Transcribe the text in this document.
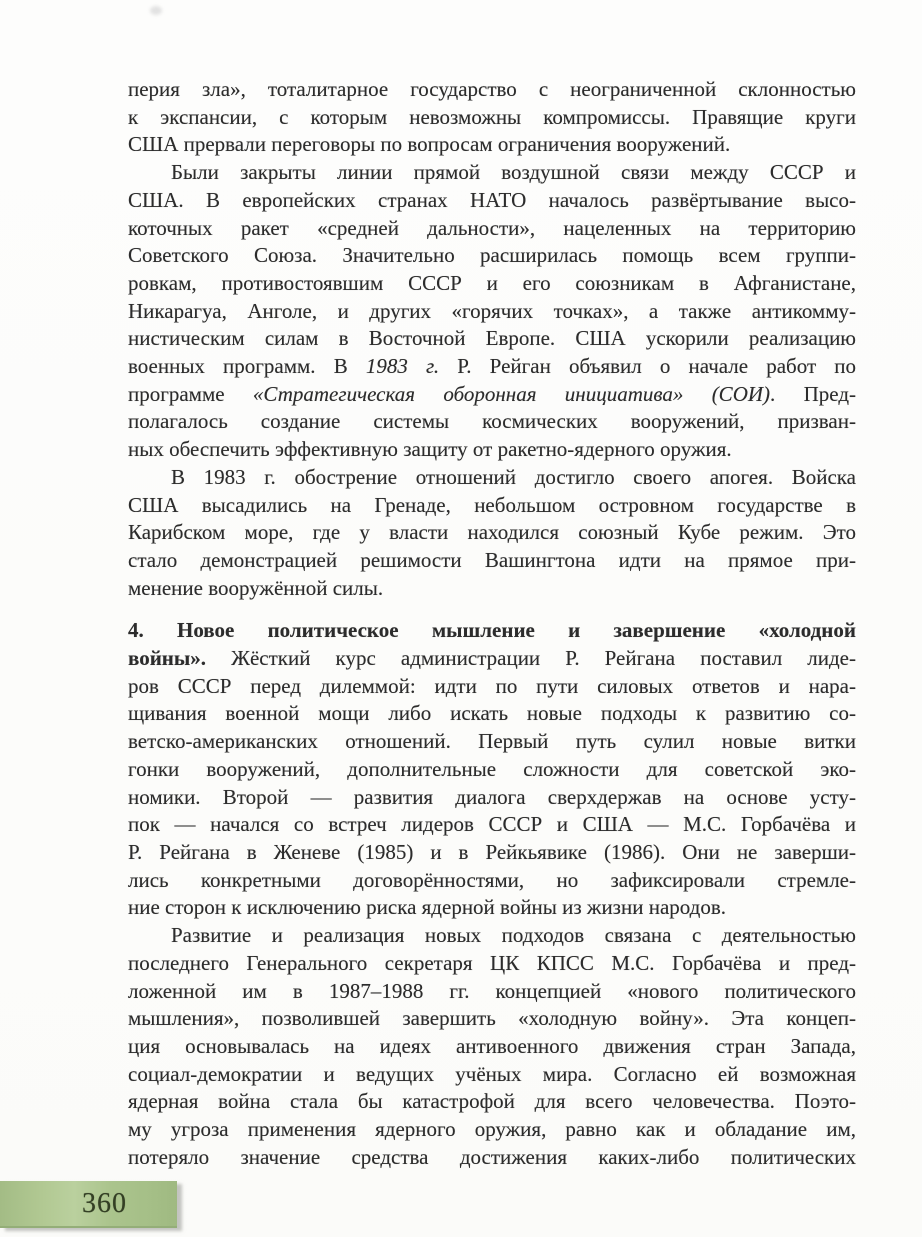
перия зла», тоталитарное государство с неограниченной склонностью
к экспансии, с которым невозможны компромиссы. Правящие круги
США прервали переговоры по вопросам ограничения вооружений.
Были закрыты линии прямой воздушной связи между СССР и
США. В европейских странах НАТО началось развёртывание высо-
коточных ракет «средней дальности», нацеленных на территорию
Советского Союза. Значительно расширилась помощь всем группи-
ровкам, противостоявшим СССР и его союзникам в Афганистане,
Никарагуа, Анголе, и других «горячих точках», а также антикомму-
нистическим силам в Восточной Европе. США ускорили реализацию
военных программ. В 1983 г. Р. Рейган объявил о начале работ по
программе «Стратегическая оборонная инициатива» (СОИ). Пред-
полагалось создание системы космических вооружений, призван-
ных обеспечить эффективную защиту от ракетно-ядерного оружия.
В 1983 г. обострение отношений достигло своего апогея. Войска
США высадились на Гренаде, небольшом островном государстве в
Карибском море, где у власти находился союзный Кубе режим. Это
стало демонстрацией решимости Вашингтона идти на прямое при-
менение вооружённой силы.
4. Новое политическое мышление и завершение «холодной
войны». Жёсткий курс администрации Р. Рейгана поставил лиде-
ров СССР перед дилеммой: идти по пути силовых ответов и нара-
щивания военной мощи либо искать новые подходы к развитию со-
ветско-американских отношений. Первый путь сулил новые витки
гонки вооружений, дополнительные сложности для советской эко-
номики. Второй — развития диалога сверхдержав на основе усту-
пок — начался со встреч лидеров СССР и США — М.С. Горбачёва и
Р. Рейгана в Женеве (1985) и в Рейкьявике (1986). Они не заверши-
лись конкретными договорённостями, но зафиксировали стремле-
ние сторон к исключению риска ядерной войны из жизни народов.
Развитие и реализация новых подходов связана с деятельностью
последнего Генерального секретаря ЦК КПСС М.С. Горбачёва и пред-
ложенной им в 1987–1988 гг. концепцией «нового политического
мышления», позволившей завершить «холодную войну». Эта концеп-
ция основывалась на идеях антивоенного движения стран Запада,
социал-демократии и ведущих учёных мира. Согласно ей возможная
ядерная война стала бы катастрофой для всего человечества. Поэто-
му угроза применения ядерного оружия, равно как и обладание им,
потеряло значение средства достижения каких-либо политических
360
